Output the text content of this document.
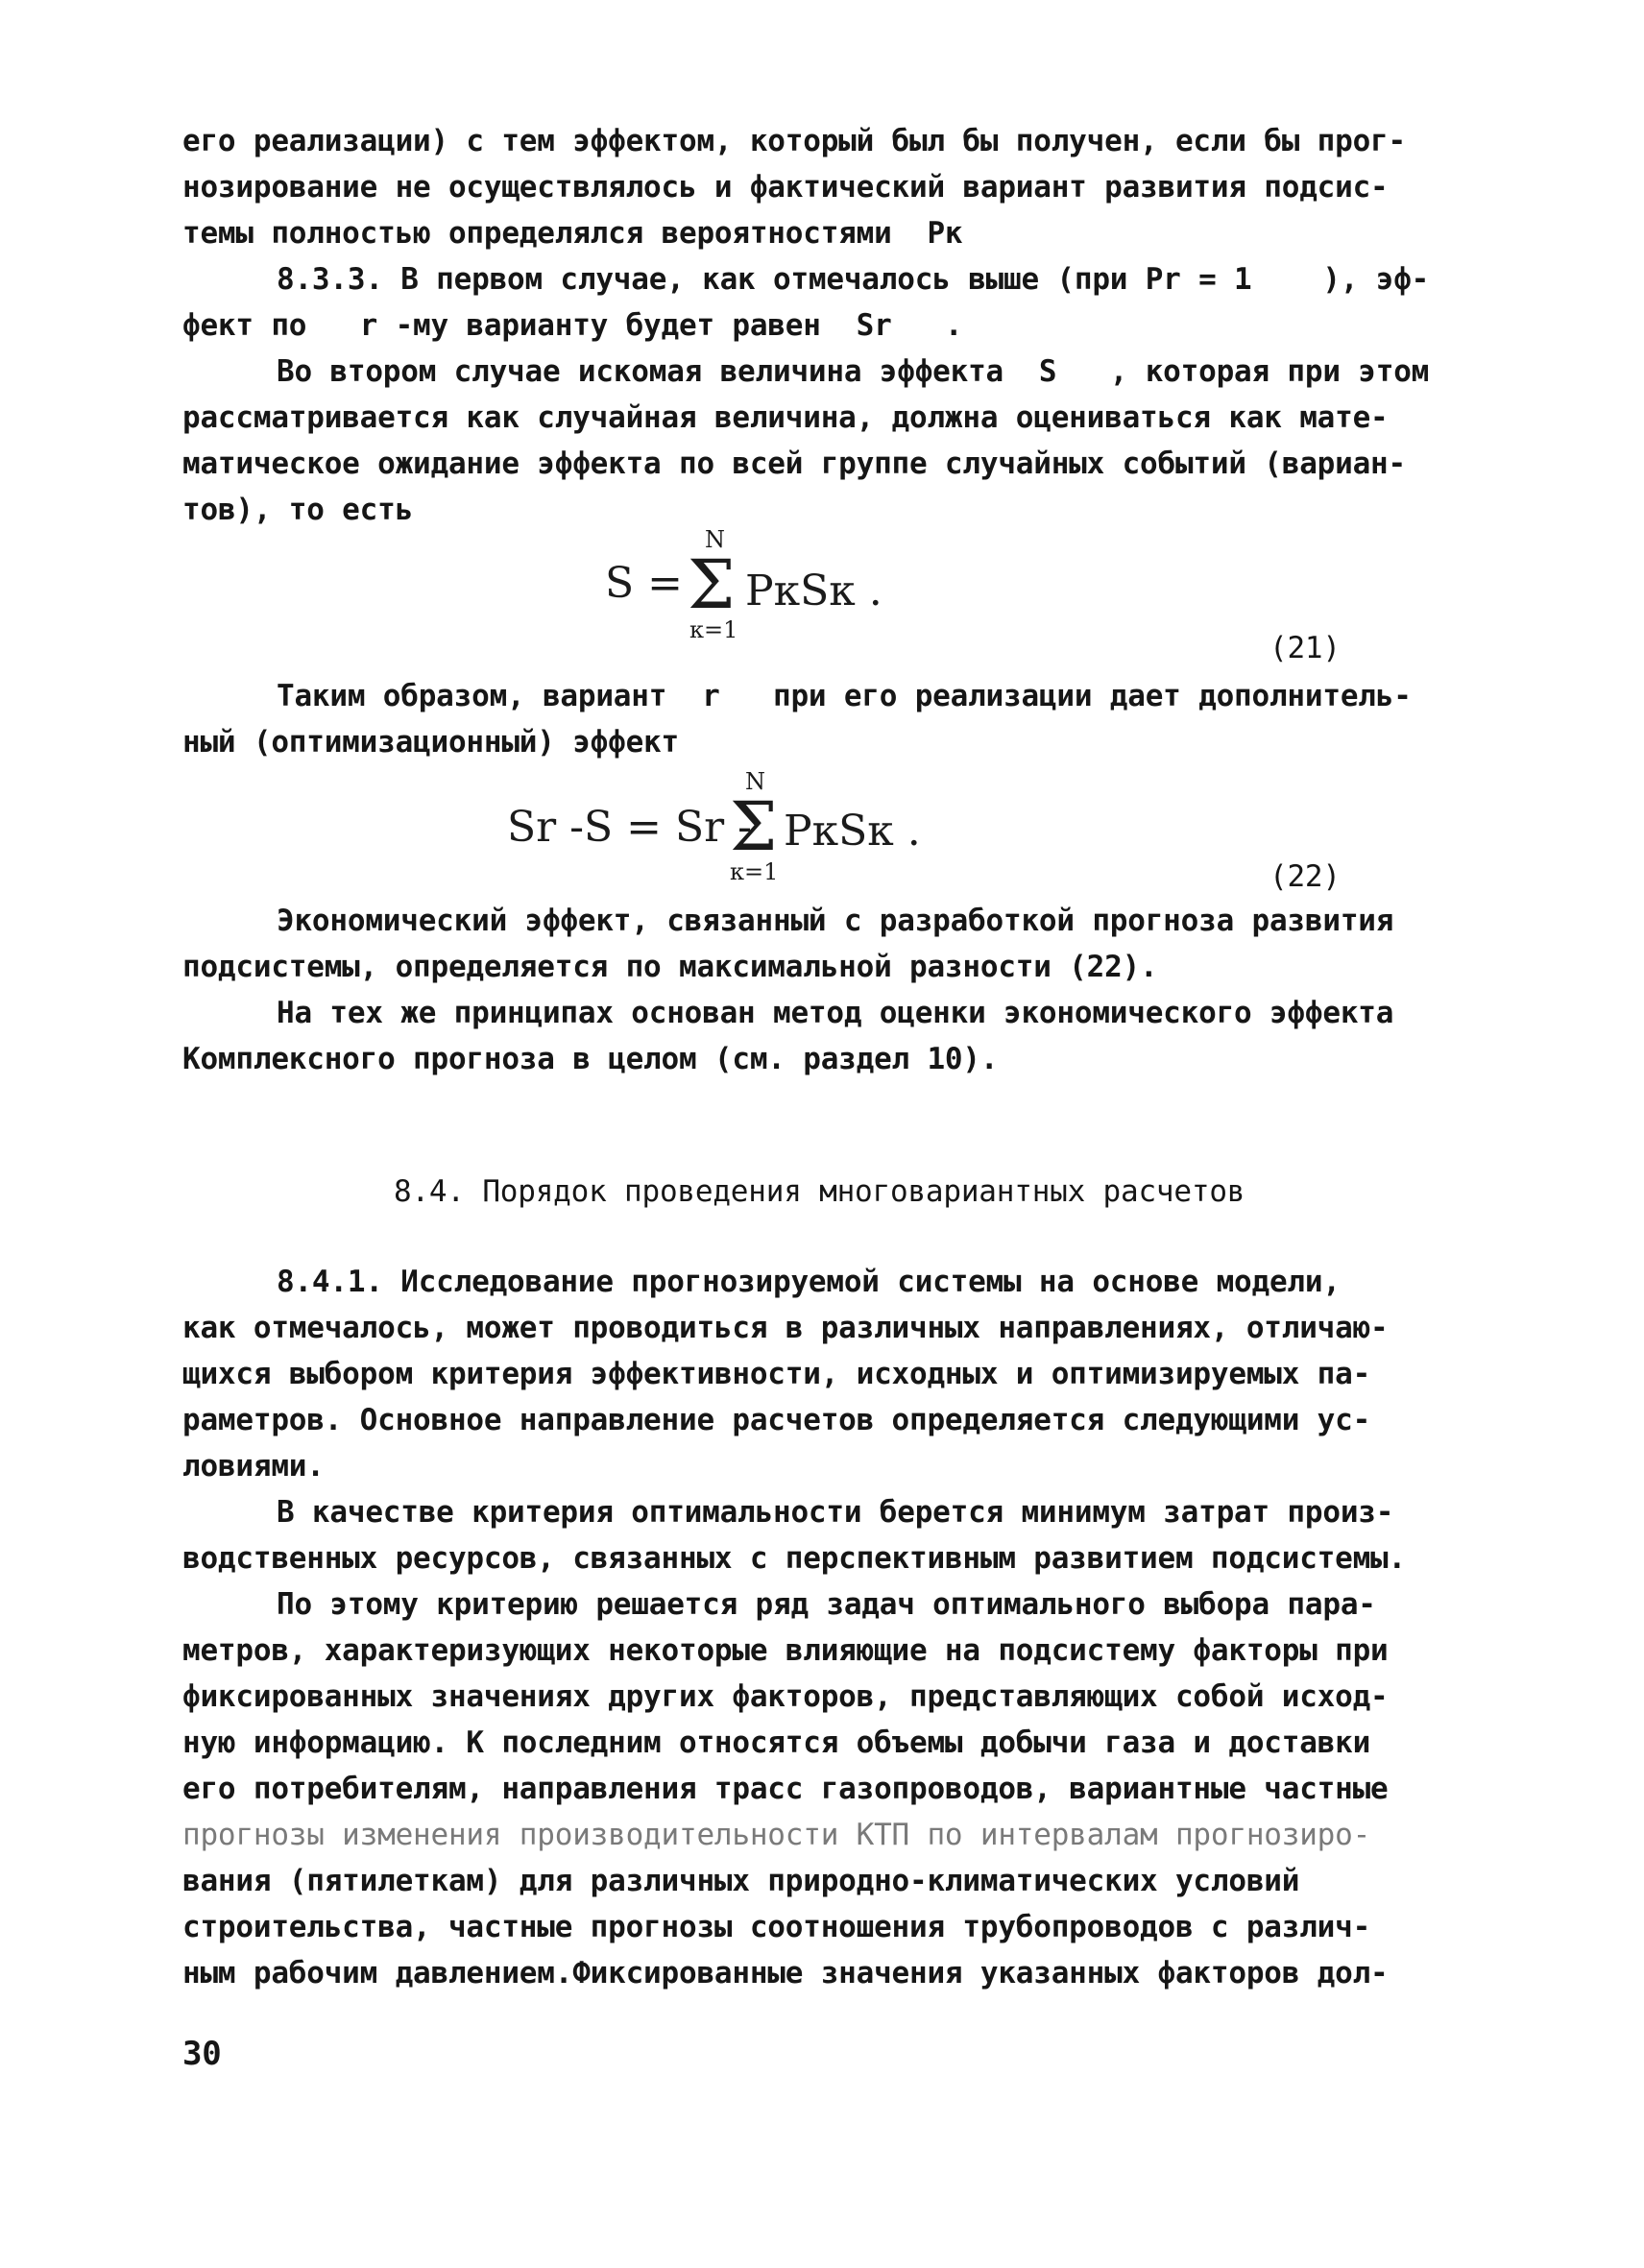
его реализации) с тем эффектом, который был бы получен, если бы прог-
нозирование не осуществлялось и фактический вариант развития подсис-
темы полностью определялся вероятностями  Pк
8.3.3. В первом случае, как отмечалось выше (при Pr = 1    ), эф-
фект по   r -му варианту будет равен  Sr   .
Во втором случае искомая величина эффекта  S   , которая при этом
рассматривается как случайная величина, должна оцениваться как мате-
матическое ожидание эффекта по всей группе случайных событий (вариан-
тов), то есть
S =
N
Σ
к=1
PкSк .
(21)
Таким образом, вариант  r   при его реализации дает дополнитель-
ный (оптимизационный) эффект
Sr -S = Sr -
N
Σ
к=1
PкSк .
(22)
Экономический эффект, связанный с разработкой прогноза развития
подсистемы, определяется по максимальной разности (22).
На тех же принципах основан метод оценки экономического эффекта
Комплексного прогноза в целом (см. раздел 10).
8.4. Порядок проведения многовариантных расчетов
8.4.1. Исследование прогнозируемой системы на основе модели,
как отмечалось, может проводиться в различных направлениях, отличаю-
щихся выбором критерия эффективности, исходных и оптимизируемых па-
раметров. Основное направление расчетов определяется следующими ус-
ловиями.
В качестве критерия оптимальности берется минимум затрат произ-
водственных ресурсов, связанных с перспективным развитием подсистемы.
По этому критерию решается ряд задач оптимального выбора пара-
метров, характеризующих некоторые влияющие на подсистему факторы при
фиксированных значениях других факторов, представляющих собой исход-
ную информацию. К последним относятся объемы добычи газа и доставки
его потребителям, направления трасс газопроводов, вариантные частные
прогнозы изменения производительности КТП по интервалам прогнозиро-
вания (пятилеткам) для различных природно-климатических условий
строительства, частные прогнозы соотношения трубопроводов с различ-
ным рабочим давлением.Фиксированные значения указанных факторов дол-
30
